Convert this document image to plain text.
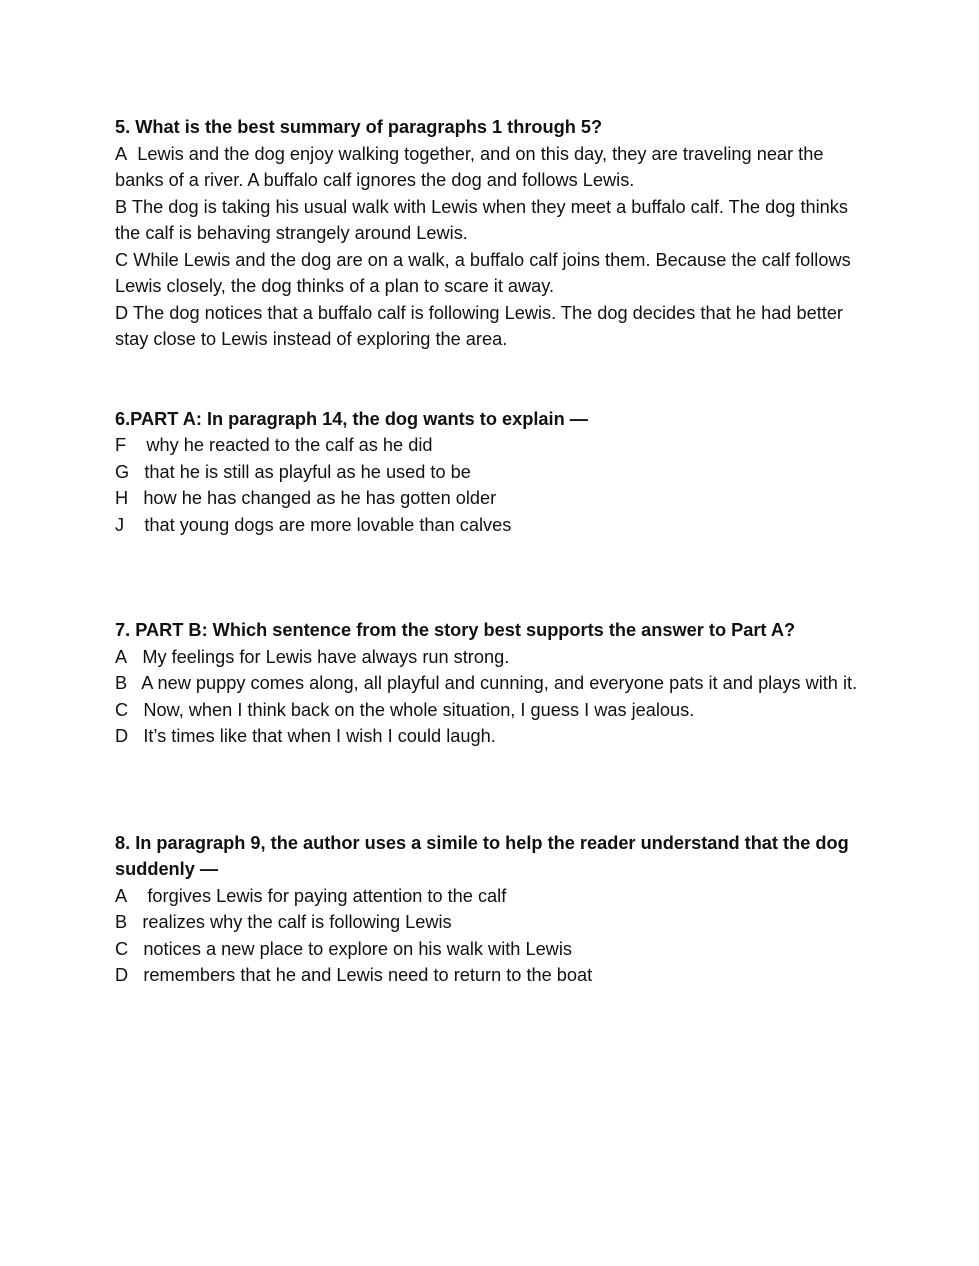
5. What is the best summary of paragraphs 1 through 5?

A Lewis and the dog enjoy walking together, and on this day, they are traveling near the banks of a river. A buffalo calf ignores the dog and follows Lewis.

B The dog is taking his usual walk with Lewis when they meet a buffalo calf. The dog thinks the calf is behaving strangely around Lewis.

C While Lewis and the dog are on a walk, a buffalo calf joins them. Because the calf follows Lewis closely, the dog thinks of a plan to scare it away.

D The dog notices that a buffalo calf is following Lewis. The dog decides that he had better stay close to Lewis instead of exploring the area.

6.PART A: In paragraph 14, the dog wants to explain —

F why he reacted to the calf as he did

G that he is still as playful as he used to be

H how he has changed as he has gotten older

J that young dogs are more lovable than calves

7. PART B: Which sentence from the story best supports the answer to Part A?

A My feelings for Lewis have always run strong.

B A new puppy comes along, all playful and cunning, and everyone pats it and plays with it.

C Now, when I think back on the whole situation, I guess I was jealous.

D It’s times like that when I wish I could laugh.

8. In paragraph 9, the author uses a simile to help the reader understand that the dog suddenly —

A forgives Lewis for paying attention to the calf

B realizes why the calf is following Lewis

C notices a new place to explore on his walk with Lewis

D remembers that he and Lewis need to return to the boat
